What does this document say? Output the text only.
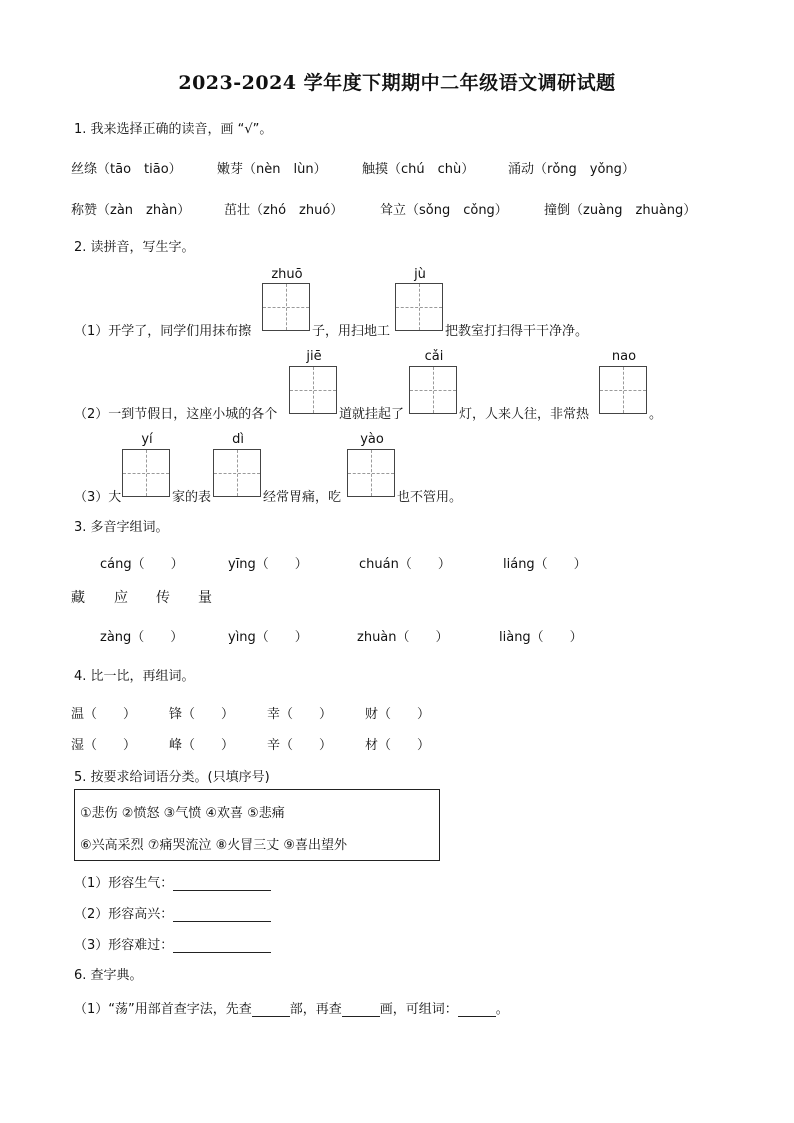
2023-2024 学年度下期期中二年级语文调研试题
1. 我来选择正确的读音，画 “√”。
丝绦（tāo　tiāo）	嫩芽（nèn　lùn）	触摸（chú　chù）	涌动（rǒng　yǒng）
称赞（zàn　zhàn）	茁壮（zhó　zhuó）	耸立（sǒng　cǒng）	撞倒（zuàng　zhuàng）
2. 读拼音，写生字。
zhuō	jù
（1）开学了，同学们用抹布擦	子，用扫地工	把教室打扫得干干净净。
jiē	cǎi	nao
（2）一到节假日，这座小城的各个	道就挂起了	灯，人来人往，非常热	。
yí	dì	yào
（3）大	家的表	经常胃痛，吃	也不管用。
3. 多音字组词。
cáng（　　）	yīng（　　）	chuán（　　）	liáng（　　）
藏 应 传 量
zàng（　　）	yìng（　　）	zhuàn（　　）	liàng（　　）
4. 比一比，再组词。
温（　　）	锋（　　）	幸（　　）	财（　　）
湿（　　）	峰（　　）	辛（　　）	材（　　）
5. 按要求给词语分类。(只填序号)
①悲伤 ②愤怒 ③气愤 ④欢喜 ⑤悲痛
⑥兴高采烈 ⑦痛哭流泣 ⑧火冒三丈 ⑨喜出望外
（1）形容生气：
（2）形容高兴：
（3）形容难过：
6. 查字典。
（1）“荡”用部首查字法，先查	部，再查	画，可组词：	。
